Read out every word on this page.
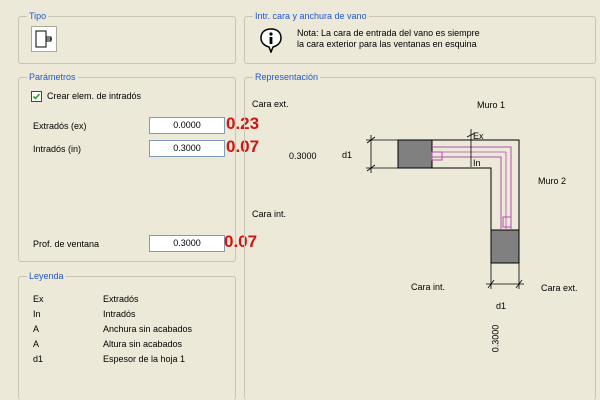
Tipo	Intr. cara y anchura de vano
Nota: La cara de entrada del vano es siempre
la cara exterior para las ventanas en esquina
Parámetros
Crear elem. de intradós
Extradós (ex)	0.0000
Intradós (in)	0.3000
Prof. de ventana	0.3000
0.23
0.07
0.07
Leyenda
Ex	Extradós
In	Intradós
A	Anchura sin acabados
A	Altura sin acabados
d1	Espesor de la hoja 1
Representación
Cara ext.	Muro 1
0.3000	d1
Ex
In
Muro 2
Cara int.
Cara int.	Cara ext.
d1
0.3000
